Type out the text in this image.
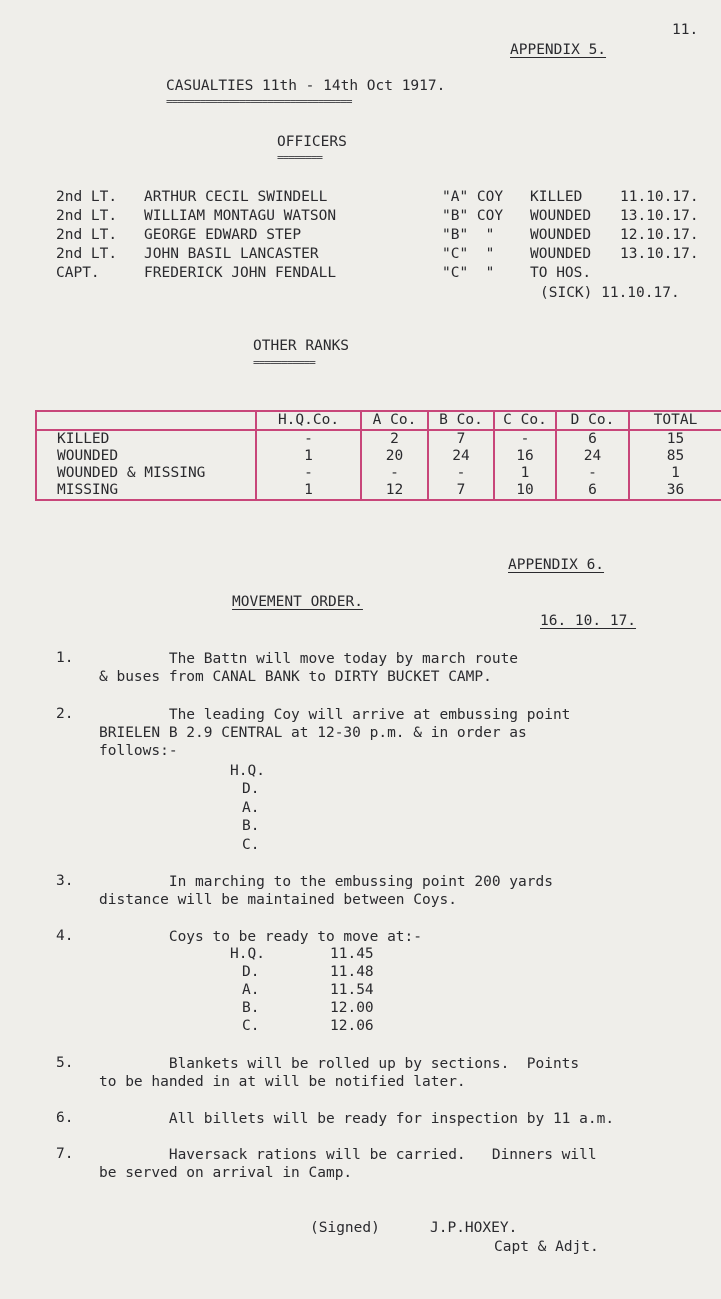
11.
APPENDIX 5.
CASUALTIES 11th - 14th Oct 1917.
=================================
OFFICERS
========
2nd LT. ARTHUR CECIL SWINDELL	"A" COY KILLED	11.10.17.
2nd LT. WILLIAM MONTAGU WATSON	"B" COY WOUNDED 13.10.17.
2nd LT. GEORGE EDWARD STEP	"B"  " WOUNDED 12.10.17.
2nd LT. JOHN BASIL LANCASTER	"C"  " WOUNDED 13.10.17.
CAPT.	FREDERICK JOHN FENDALL	"C"  " TO HOS.
(SICK) 11.10.17.
OTHER RANKS
===========
	H.Q.Co.	A Co.	B Co.	C Co.	D Co.	TOTAL
KILLED	-	2	7	-	6	15
WOUNDED	1	20	24	16	24	85
WOUNDED & MISSING	-	-	-	1	-	1
MISSING	1	12	7	10	6	36
APPENDIX 6.
MOVEMENT ORDER.
16. 10. 17.
1. The Battn will move today by march route
& buses from CANAL BANK to DIRTY BUCKET CAMP.
2. The leading Coy will arrive at embussing point
BRIELEN B 2.9 CENTRAL at 12-30 p.m. & in order as
follows:-
H.Q.
D.
A.
B.
C.
3. In marching to the embussing point 200 yards
distance will be maintained between Coys.
4. Coys to be ready to move at:-
H.Q.	11.45
D.	11.48
A.	11.54
B.	12.00
C.	12.06
5. Blankets will be rolled up by sections.  Points
to be handed in at will be notified later.
6. All billets will be ready for inspection by 11 a.m.
7. Haversack rations will be carried.   Dinners will
be served on arrival in Camp.
(Signed)	J.P.HOXEY.
Capt & Adjt.
